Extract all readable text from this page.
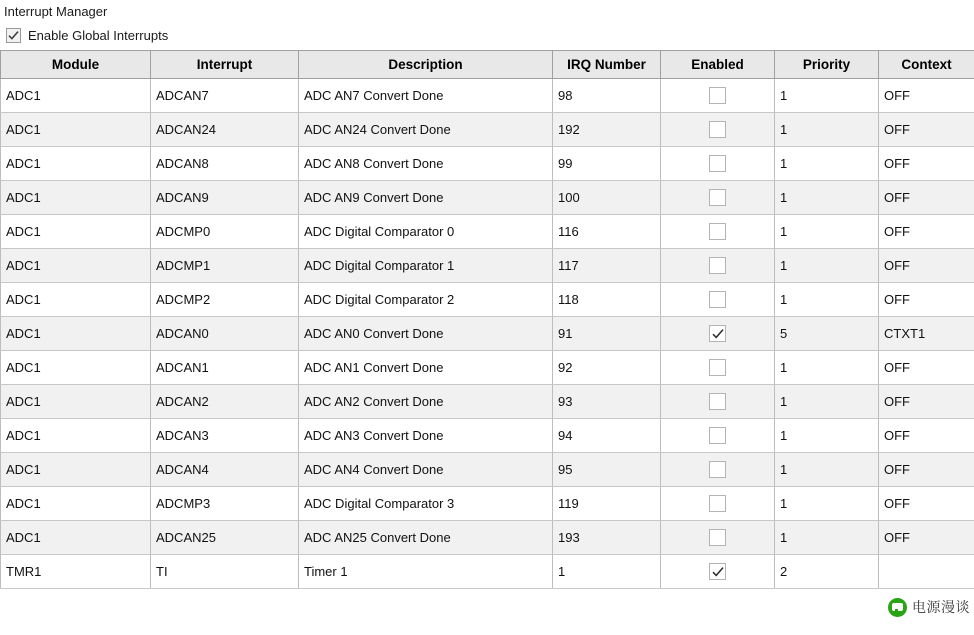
Interrupt Manager
Enable Global Interrupts
Module	Interrupt	Description	IRQ Number	Enabled	Priority	Context
ADC1	ADCAN7	ADC AN7 Convert Done	98		1	OFF
ADC1	ADCAN24	ADC AN24 Convert Done	192		1	OFF
ADC1	ADCAN8	ADC AN8 Convert Done	99		1	OFF
ADC1	ADCAN9	ADC AN9 Convert Done	100		1	OFF
ADC1	ADCMP0	ADC Digital Comparator 0	116		1	OFF
ADC1	ADCMP1	ADC Digital Comparator 1	117		1	OFF
ADC1	ADCMP2	ADC Digital Comparator 2	118		1	OFF
ADC1	ADCAN0	ADC AN0 Convert Done	91		5	CTXT1
ADC1	ADCAN1	ADC AN1 Convert Done	92		1	OFF
ADC1	ADCAN2	ADC AN2 Convert Done	93		1	OFF
ADC1	ADCAN3	ADC AN3 Convert Done	94		1	OFF
ADC1	ADCAN4	ADC AN4 Convert Done	95		1	OFF
ADC1	ADCMP3	ADC Digital Comparator 3	119		1	OFF
ADC1	ADCAN25	ADC AN25 Convert Done	193		1	OFF
TMR1	TI	Timer 1	1		2	
电源漫谈
